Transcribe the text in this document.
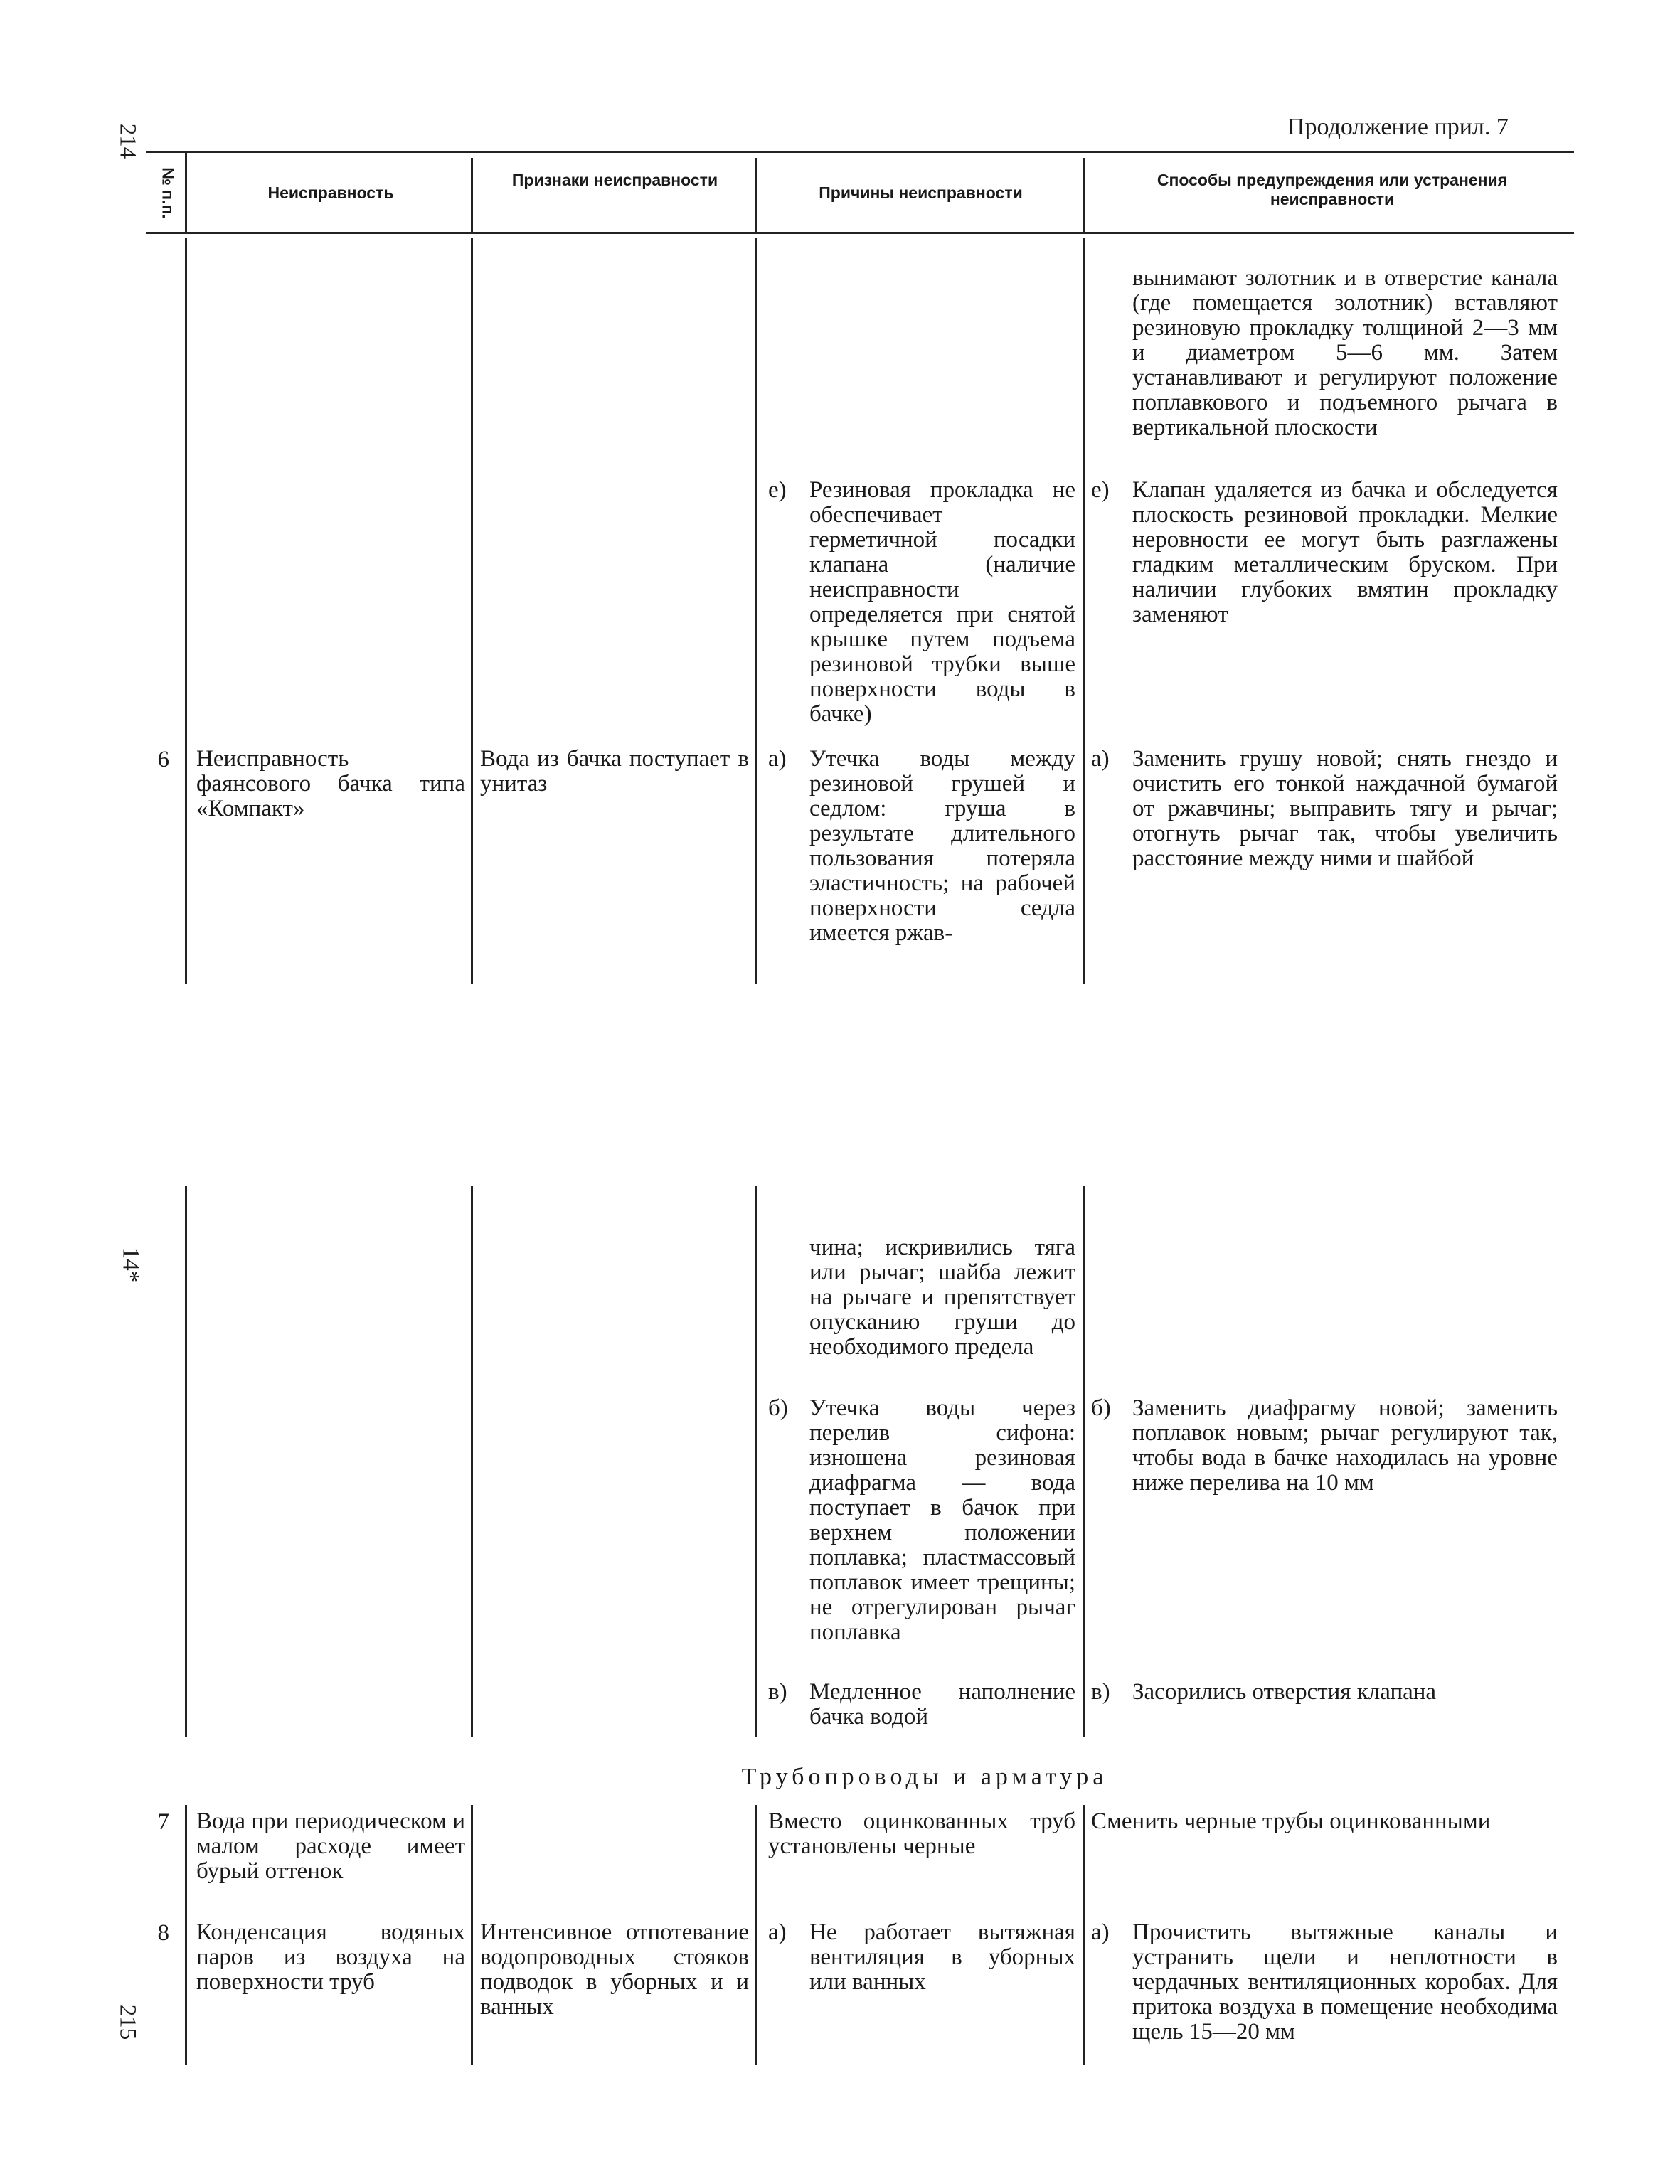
214
14*
215
Продолжение прил. 7
№ п.п.	Неисправность
Признаки неисправности
Причины неисправности
Способы предупреждения или устранения неисправности
вынимают золотник и в отверстие канала (где помещается золотник) вставляют резиновую прокладку толщиной 2—3 мм и диаметром 5—6 мм. Затем устанавливают и регулируют положение поплавкового и подъемного рычага в вертикальной плоскости
е) Резиновая прокладка не обеспечивает герметичной посадки клапана (наличие неисправности определяется при снятой крышке путем подъема резиновой трубки выше поверхности воды в бачке)
е) Клапан удаляется из бачка и обследуется плоскость резиновой прокладки. Мелкие неровности ее могут быть разглажены гладким металлическим бруском. При наличии глубоких вмятин прокладку заменяют
6 Неисправность фаянсового бачка типа «Компакт»
Вода из бачка поступает в унитаз
а) Утечка воды между резиновой грушей и седлом: груша в результате длительного пользования потеряла эластичность; на рабочей поверхности седла имеется ржав-
а) Заменить грушу новой; снять гнездо и очистить его тонкой наждачной бумагой от ржавчины; выправить тягу и рычаг; отогнуть рычаг так, чтобы увеличить расстояние между ними и шайбой
чина; искривились тяга или рычаг; шайба лежит на рычаге и препятствует опусканию груши до необходимого предела
б) Утечка воды через перелив сифона: изношена резиновая диафрагма — вода поступает в бачок при верхнем положении поплавка; пластмассовый поплавок имеет трещины; не отрегулирован рычаг поплавка
б) Заменить диафрагму новой; заменить поплавок новым; рычаг регулируют так, чтобы вода в бачке находилась на уровне ниже перелива на 10 мм
в) Медленное наполнение бачка водой
в) Засорились отверстия клапана
Трубопроводы и арматура
7 Вода при периодическом и малом расходе имеет бурый оттенок
Вместо оцинкованных труб установлены черные
Сменить черные трубы оцинкованными
8 Конденсация водяных паров из воздуха на поверхности труб
Интенсивное отпотевание водопроводных стояков подводок в уборных и и ванных
а) Не работает вытяжная вентиляция в уборных или ванных
а) Прочистить вытяжные каналы и устранить щели и неплотности в чердачных вентиляционных коробах. Для притока воздуха в помещение необходима щель 15—20 мм
